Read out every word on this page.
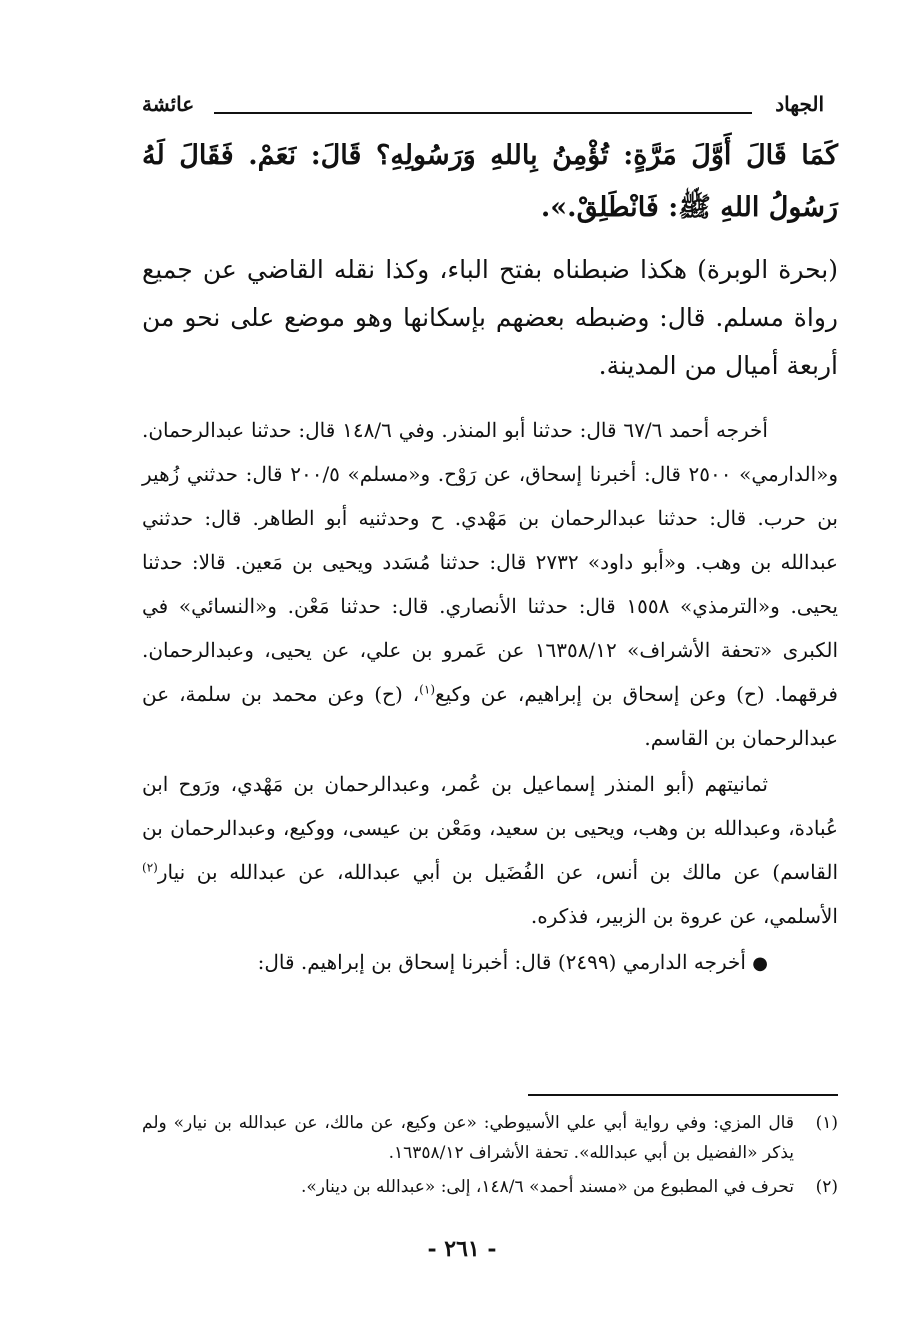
الجهاد
عائشة
كَمَا قَالَ أَوَّلَ مَرَّةٍ: تُؤْمِنُ بِاللهِ وَرَسُولِهِ؟ قَالَ: نَعَمْ. فَقَالَ لَهُ رَسُولُ اللهِ ﷺ: فَانْطَلِقْ.».
(بحرة الوبرة) هكذا ضبطناه بفتح الباء، وكذا نقله القاضي عن جميع رواة مسلم. قال: وضبطه بعضهم بإسكانها وهو موضع على نحو من أربعة أميال من المدينة.

أخرجه أحمد ٦٧/٦ قال: حدثنا أبو المنذر. وفي ١٤٨/٦ قال: حدثنا عبدالرحمان. و«الدارمي» ٢٥٠٠ قال: أخبرنا إسحاق، عن رَوْح. و«مسلم» ٢٠٠/٥ قال: حدثني زُهير بن حرب. قال: حدثنا عبدالرحمان بن مَهْدي. ح وحدثنيه أبو الطاهر. قال: حدثني عبدالله بن وهب. و«أبو داود» ٢٧٣٢ قال: حدثنا مُسَدد ويحيى بن مَعين. قالا: حدثنا يحيى. و«الترمذي» ١٥٥٨ قال: حدثنا الأنصاري. قال: حدثنا مَعْن. و«النسائي» في الكبرى «تحفة الأشراف» ١٦٣٥٨/١٢ عن عَمرو بن علي، عن يحيى، وعبدالرحمان. فرقهما. (ح) وعن إسحاق بن إبراهيم، عن وكيع$^{(١)}$، (ح) وعن محمد بن سلمة، عن عبدالرحمان بن القاسم.

ثمانيتهم (أبو المنذر إسماعيل بن عُمر، وعبدالرحمان بن مَهْدي، ورَوح ابن عُبادة، وعبدالله بن وهب، ويحيى بن سعيد، ومَعْن بن عيسى، ووكيع، وعبدالرحمان بن القاسم) عن مالك بن أنس، عن الفُضَيل بن أبي عبدالله، عن عبدالله بن نيار$^{(٢)}$ الأسلمي، عن عروة بن الزبير، فذكره.

● أخرجه الدارمي (٢٤٩٩) قال: أخبرنا إسحاق بن إبراهيم. قال:

(١)
قال المزي: وفي رواية أبي علي الأسيوطي: «عن وكيع، عن مالك، عن عبدالله بن نيار» ولم يذكر «الفضيل بن أبي عبدالله». تحفة الأشراف ١٦٣٥٨/١٢.
(٢)
تحرف في المطبوع من «مسند أحمد» ١٤٨/٦، إلى: «عبدالله بن دينار».
- ٢٦١ -
